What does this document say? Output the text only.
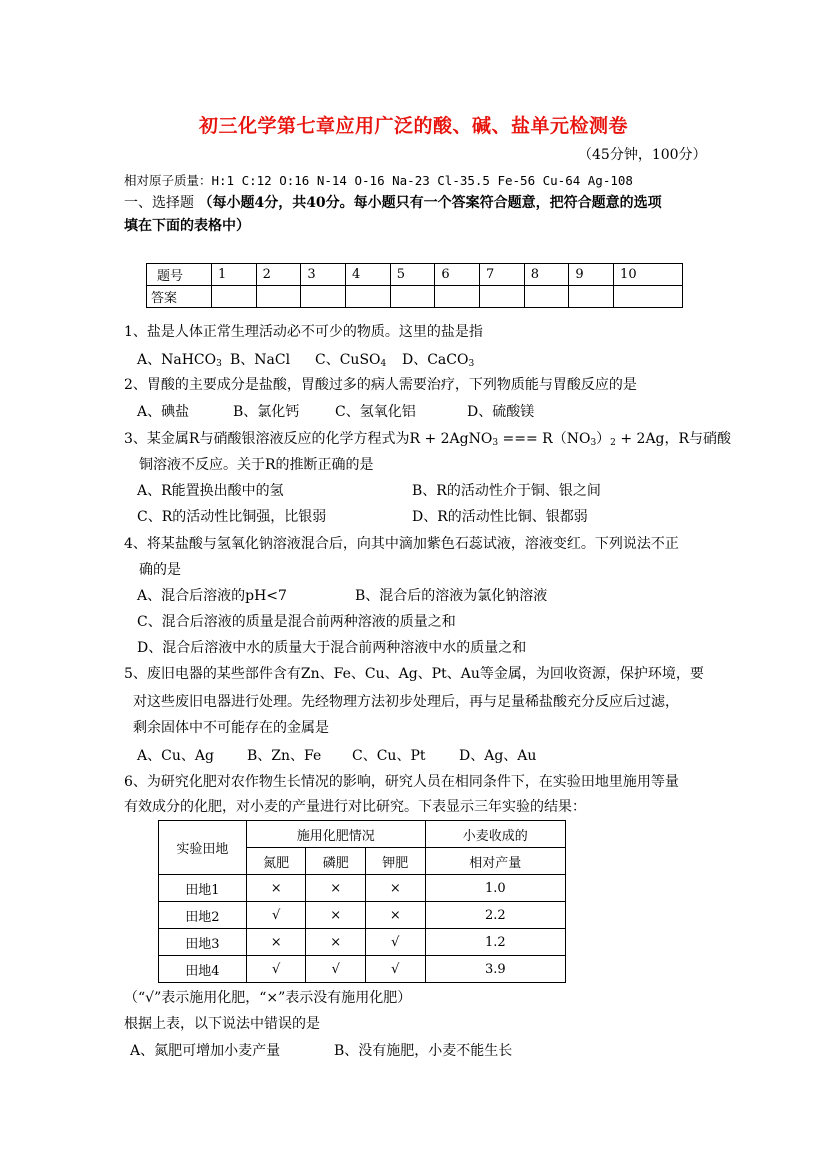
初三化学第七章应用广泛的酸、碱、盐单元检测卷
（45分钟，100分）
相对原子质量：H:1 C:12 O:16 N-14 O-16 Na-23 Cl-35.5 Fe-56 Cu-64 Ag-108
一、选择题 （每小题4分，共40分。每小题只有一个答案符合题意，把符合题意的选项
填在下面的表格中）
题号	1	2	3	4	5	6	7	8	9	10
答案										
1、盐是人体正常生理活动必不可少的物质。这里的盐是指
A、NaHCO$_3$ B、NaCl C、CuSO$_4$ D、CaCO$_3$
2、胃酸的主要成分是盐酸，胃酸过多的病人需要治疗，下列物质能与胃酸反应的是
A、碘盐	B、氯化钙	C、氢氧化铝	D、硫酸镁
3、某金属R与硝酸银溶液反应的化学方程式为R + 2AgNO$_3$ === $R(NO_3)_2 + 2Ag$，R与硝酸
铜溶液不反应。关于R的推断正确的是
A、R能置换出酸中的氢	B、R的活动性介于铜、银之间
C、R的活动性比铜强，比银弱	D、R的活动性比铜、银都弱
4、将某盐酸与氢氧化钠溶液混合后，向其中滴加紫色石蕊试液，溶液变红。下列说法不正
确的是
A、混合后溶液的pH<7	B、混合后的溶液为氯化钠溶液
C、混合后溶液的质量是混合前两种溶液的质量之和
D、混合后溶液中水的质量大于混合前两种溶液中水的质量之和
5、废旧电器的某些部件含有Zn、Fe、Cu、Ag、Pt、Au等金属，为回收资源，保护环境，要
对这些废旧电器进行处理。先经物理方法初步处理后，再与足量稀盐酸充分反应后过滤，
剩余固体中不可能存在的金属是
A、Cu、Ag B、Zn、Fe C、Cu、Pt D、Ag、Au
6、为研究化肥对农作物生长情况的影响，研究人员在相同条件下，在实验田地里施用等量
有效成分的化肥，对小麦的产量进行对比研究。下表显示三年实验的结果：
实验田地	施用化肥情况			小麦收成的
	氮肥	磷肥	钾肥	相对产量
田地1	×	×	×	1.0
田地2	√	×	×	2.2
田地3	×	×	√	1.2
田地4	√	√	√	3.9
（“√”表示施用化肥，“×”表示没有施用化肥）
根据上表，以下说法中错误的是
A、氮肥可增加小麦产量	B、没有施肥，小麦不能生长
